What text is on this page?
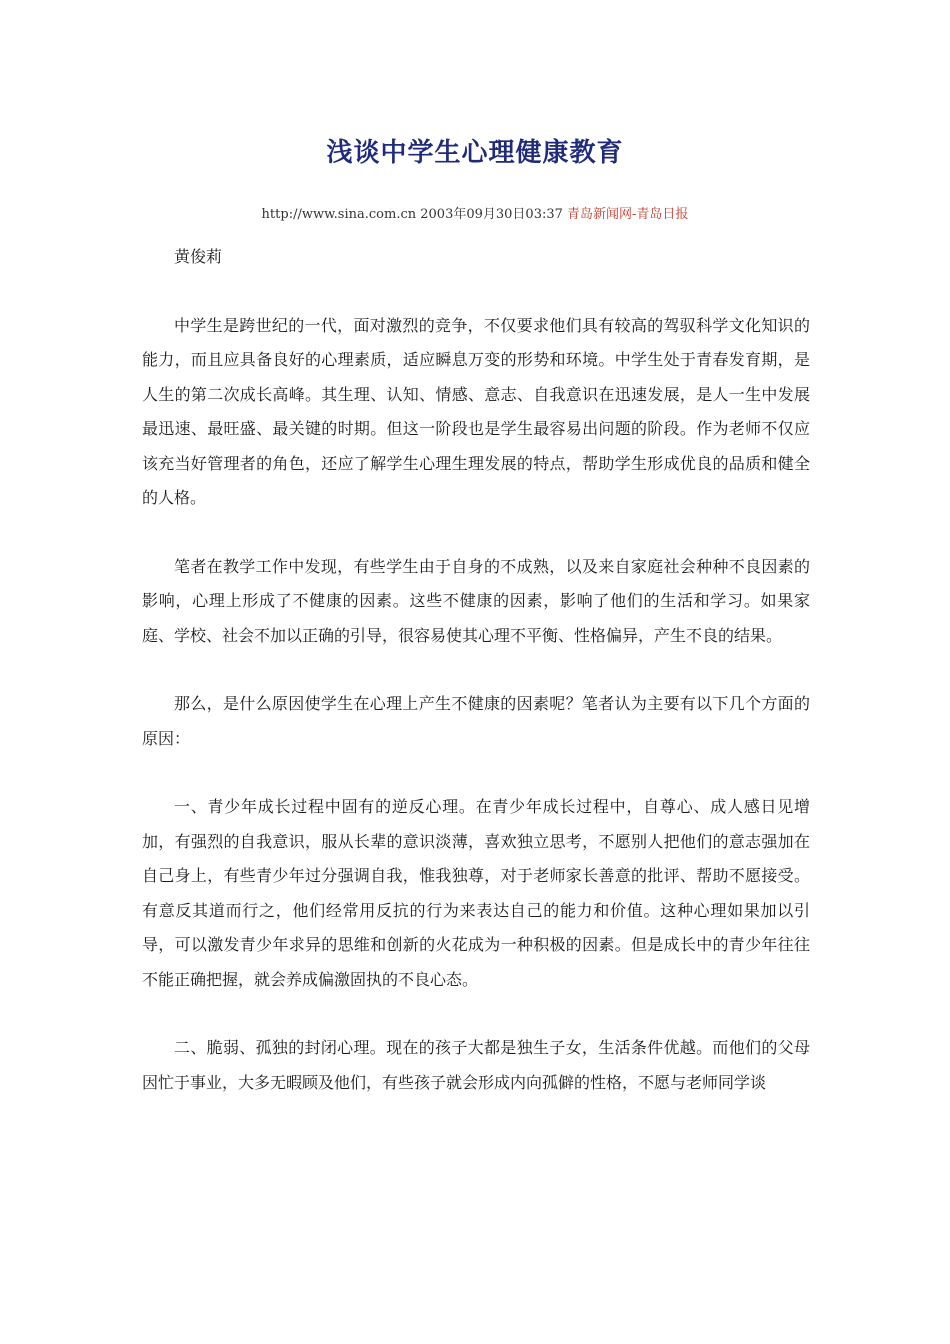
浅谈中学生心理健康教育
http://www.sina.com.cn 2003年09月30日03:37 青岛新闻网-青岛日报

黄俊莉

中学生是跨世纪的一代，面对激烈的竞争，不仅要求他们具有较高的驾驭科学文化知识的能力，而且应具备良好的心理素质，适应瞬息万变的形势和环境。中学生处于青春发育期，是人生的第二次成长高峰。其生理、认知、情感、意志、自我意识在迅速发展，是人一生中发展最迅速、最旺盛、最关键的时期。但这一阶段也是学生最容易出问题的阶段。作为老师不仅应该充当好管理者的角色，还应了解学生心理生理发展的特点，帮助学生形成优良的品质和健全的人格。

笔者在教学工作中发现，有些学生由于自身的不成熟，以及来自家庭社会种种不良因素的影响，心理上形成了不健康的因素。这些不健康的因素，影响了他们的生活和学习。如果家庭、学校、社会不加以正确的引导，很容易使其心理不平衡、性格偏异，产生不良的结果。

那么，是什么原因使学生在心理上产生不健康的因素呢？笔者认为主要有以下几个方面的原因：

一、青少年成长过程中固有的逆反心理。在青少年成长过程中，自尊心、成人感日见增加，有强烈的自我意识，服从长辈的意识淡薄，喜欢独立思考，不愿别人把他们的意志强加在自己身上，有些青少年过分强调自我，惟我独尊，对于老师家长善意的批评、帮助不愿接受。有意反其道而行之，他们经常用反抗的行为来表达自己的能力和价值。这种心理如果加以引导，可以激发青少年求异的思维和创新的火花成为一种积极的因素。但是成长中的青少年往往不能正确把握，就会养成偏激固执的不良心态。

二、脆弱、孤独的封闭心理。现在的孩子大都是独生子女，生活条件优越。而他们的父母因忙于事业，大多无暇顾及他们，有些孩子就会形成内向孤僻的性格，不愿与老师同学谈
